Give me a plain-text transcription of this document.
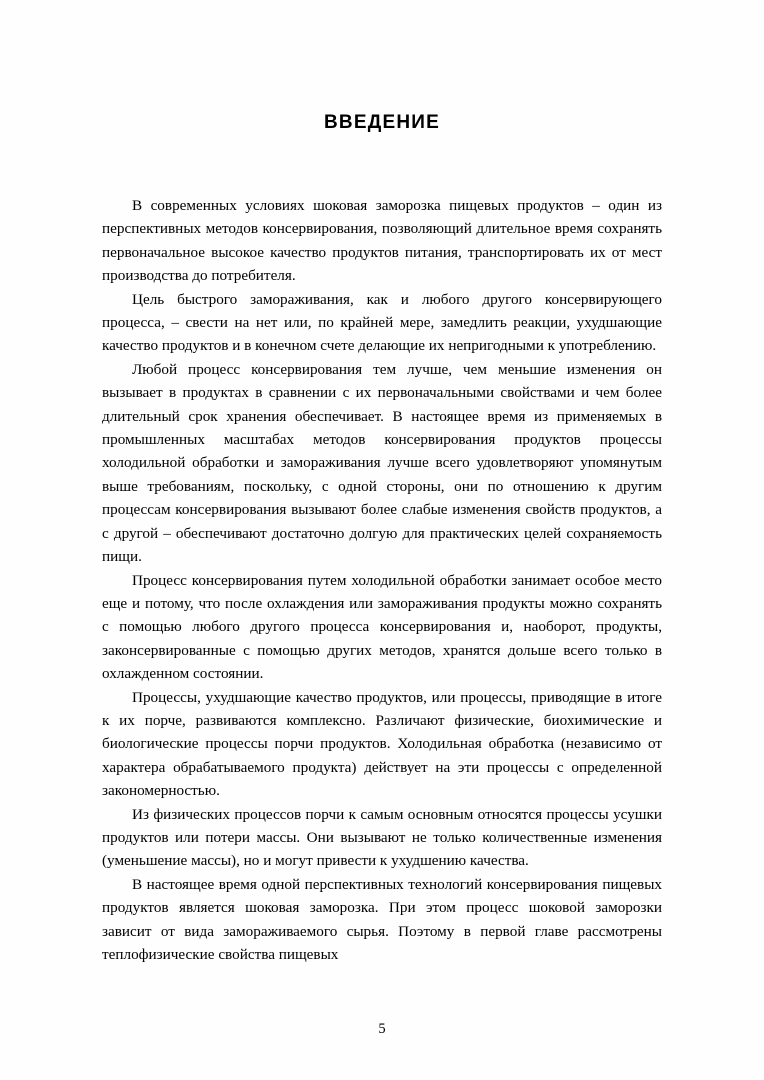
ВВЕДЕНИЕ

В современных условиях шоковая заморозка пищевых продуктов – один из перспективных методов консервирования, позволяющий длительное время сохранять первоначальное высокое качество продуктов питания, транспортировать их от мест производства до потребителя.

Цель быстрого замораживания, как и любого другого консервирующего процесса, – свести на нет или, по крайней мере, замедлить реакции, ухудшающие качество продуктов и в конечном счете делающие их непригодными к употреблению.

Любой процесс консервирования тем лучше, чем меньшие изменения он вызывает в продуктах в сравнении с их первоначальными свойствами и чем более длительный срок хранения обеспечивает. В настоящее время из применяемых в промышленных масштабах методов консервирования продуктов процессы холодильной обработки и замораживания лучше всего удовлетворяют упомянутым выше требованиям, поскольку, с одной стороны, они по отношению к другим процессам консервирования вызывают более слабые изменения свойств продуктов, а с другой – обеспечивают достаточно долгую для практических целей сохраняемость пищи.

Процесс консервирования путем холодильной обработки занимает особое место еще и потому, что после охлаждения или замораживания продукты можно сохранять с помощью любого другого процесса консервирования и, наоборот, продукты, законсервированные с помощью других методов, хранятся дольше всего только в охлажденном состоянии.

Процессы, ухудшающие качество продуктов, или процессы, приводящие в итоге к их порче, развиваются комплексно. Различают физические, биохимические и биологические процессы порчи продуктов. Холодильная обработка (независимо от характера обрабатываемого продукта) действует на эти процессы с определенной закономерностью.

Из физических процессов порчи к самым основным относятся процессы усушки продуктов или потери массы. Они вызывают не только количественные изменения (уменьшение массы), но и могут привести к ухудшению качества.

В настоящее время одной перспективных технологий консервирования пищевых продуктов является шоковая заморозка. При этом процесс шоковой заморозки зависит от вида замораживаемого сырья. Поэтому в первой главе рассмотрены теплофизические свойства пищевых

5
